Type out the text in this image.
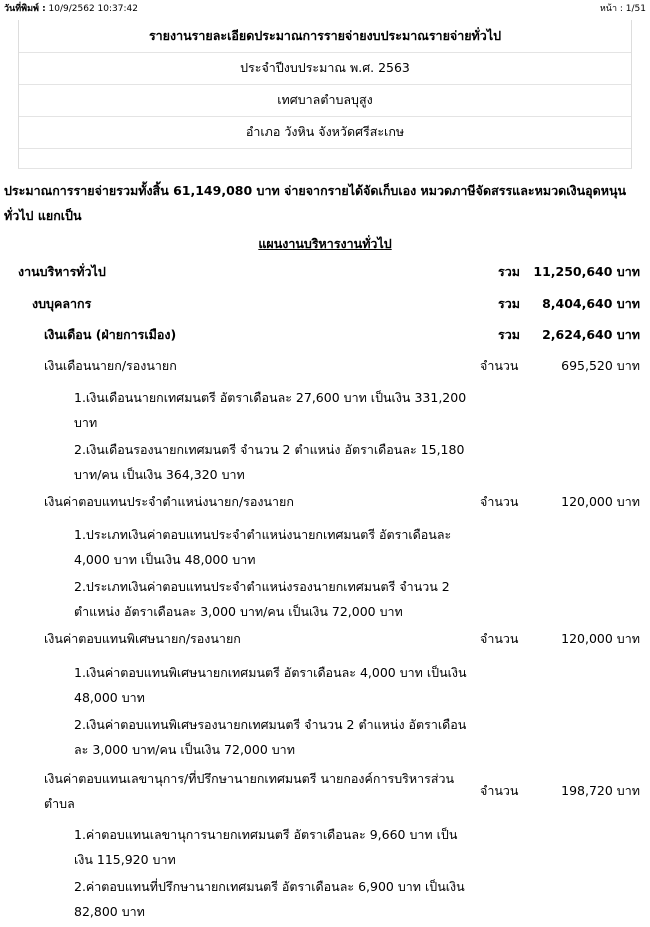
วันที่พิมพ์ : 10/9/2562 10:37:42	หน้า : 1/51
รายงานรายละเอียดประมาณการรายจ่ายงบประมาณรายจ่ายทั่วไป
ประจำปีงบประมาณ พ.ศ. 2563
เทศบาลตำบลบุสูง
อำเภอ วังหิน จังหวัดศรีสะเกษ
ประมาณการรายจ่ายรวมทั้งสิ้น 61,149,080 บาท จ่ายจากรายได้จัดเก็บเอง หมวดภาษีจัดสรรและหมวดเงินอุดหนุนทั่วไป แยกเป็น
แผนงานบริหารงานทั่วไป
งานบริหารทั่วไป	รวม 11,250,640 บาท
งบบุคลากร	รวม 8,404,640 บาท
เงินเดือน (ฝ่ายการเมือง)	รวม 2,624,640 บาท
เงินเดือนนายก/รองนายก	จำนวน	695,520 บาท
1.เงินเดือนนายกเทศมนตรี อัตราเดือนละ 27,600 บาท เป็นเงิน 331,200 บาท
2.เงินเดือนรองนายกเทศมนตรี จำนวน 2 ตำแหน่ง อัตราเดือนละ 15,180 บาท/คน เป็นเงิน 364,320 บาท
เงินค่าตอบแทนประจำตำแหน่งนายก/รองนายก	จำนวน	120,000 บาท
1.ประเภทเงินค่าตอบแทนประจำตำแหน่งนายกเทศมนตรี อัตราเดือนละ 4,000 บาท เป็นเงิน 48,000 บาท
2.ประเภทเงินค่าตอบแทนประจำตำแหน่งรองนายกเทศมนตรี จำนวน 2 ตำแหน่ง อัตราเดือนละ 3,000 บาท/คน เป็นเงิน 72,000 บาท
เงินค่าตอบแทนพิเศษนายก/รองนายก	จำนวน	120,000 บาท
1.เงินค่าตอบแทนพิเศษนายกเทศมนตรี อัตราเดือนละ 4,000 บาท เป็นเงิน 48,000 บาท
2.เงินค่าตอบแทนพิเศษรองนายกเทศมนตรี จำนวน 2 ตำแหน่ง อัตราเดือนละ 3,000 บาท/คน เป็นเงิน 72,000 บาท
เงินค่าตอบแทนเลขานุการ/ที่ปรึกษานายกเทศมนตรี นายกองค์การบริหารส่วนตำบล
จำนวน	198,720 บาท
1.ค่าตอบแทนเลขานุการนายกเทศมนตรี อัตราเดือนละ 9,660 บาท เป็นเงิน 115,920 บาท
2.ค่าตอบแทนที่ปรึกษานายกเทศมนตรี อัตราเดือนละ 6,900 บาท เป็นเงิน 82,800 บาท
